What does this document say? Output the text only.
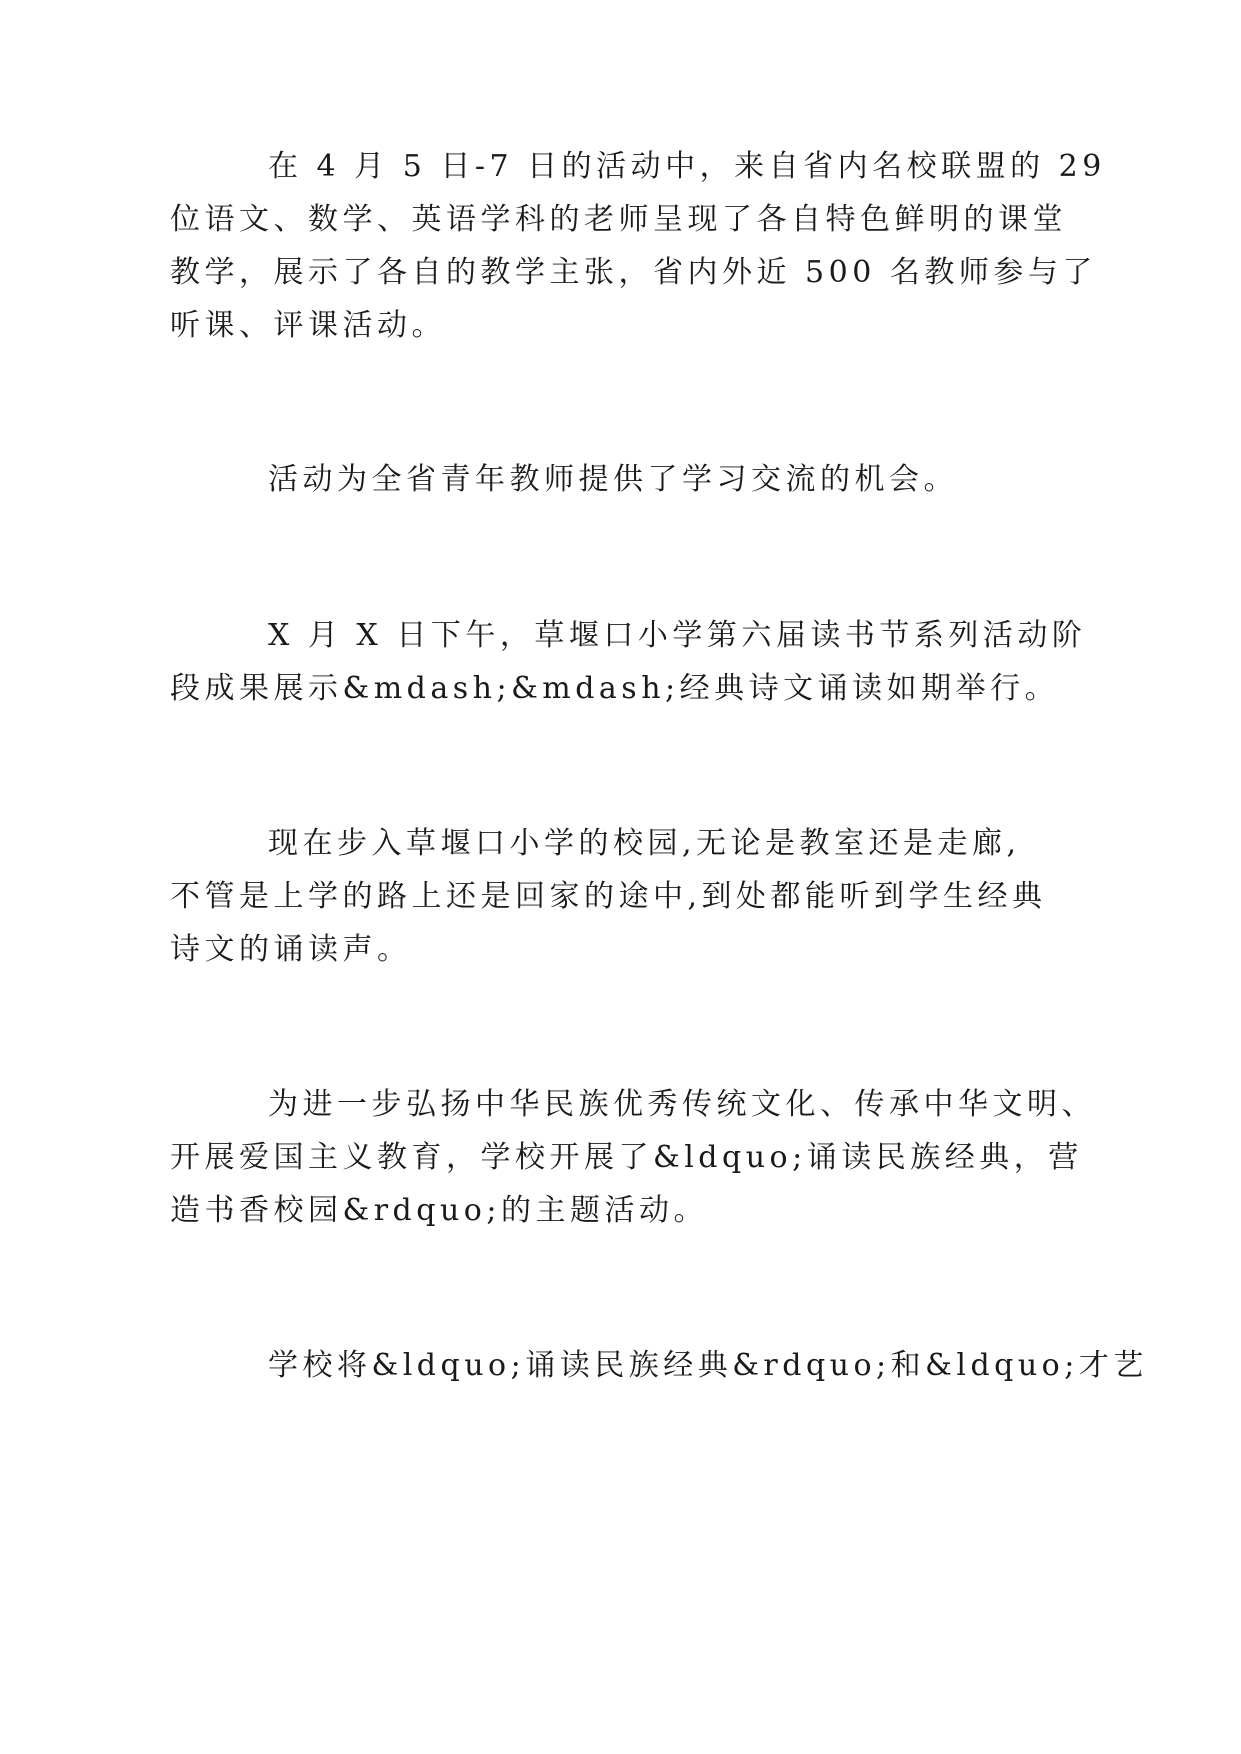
在 4 月 5 日-7 日的活动中，来自省内名校联盟的 29

位语文、数学、英语学科的老师呈现了各自特色鲜明的课堂

教学，展示了各自的教学主张，省内外近 500 名教师参与了

听课、评课活动。

活动为全省青年教师提供了学习交流的机会。

X 月 X 日下午，草堰口小学第六届读书节系列活动阶

段成果展示&mdash;&mdash;经典诗文诵读如期举行。

现在步入草堰口小学的校园,无论是教室还是走廊,

不管是上学的路上还是回家的途中,到处都能听到学生经典

诗文的诵读声。

为进一步弘扬中华民族优秀传统文化、传承中华文明、

开展爱国主义教育，学校开展了&ldquo;诵读民族经典，营

造书香校园&rdquo;的主题活动。

学校将&ldquo;诵读民族经典&rdquo;和&ldquo;才艺
